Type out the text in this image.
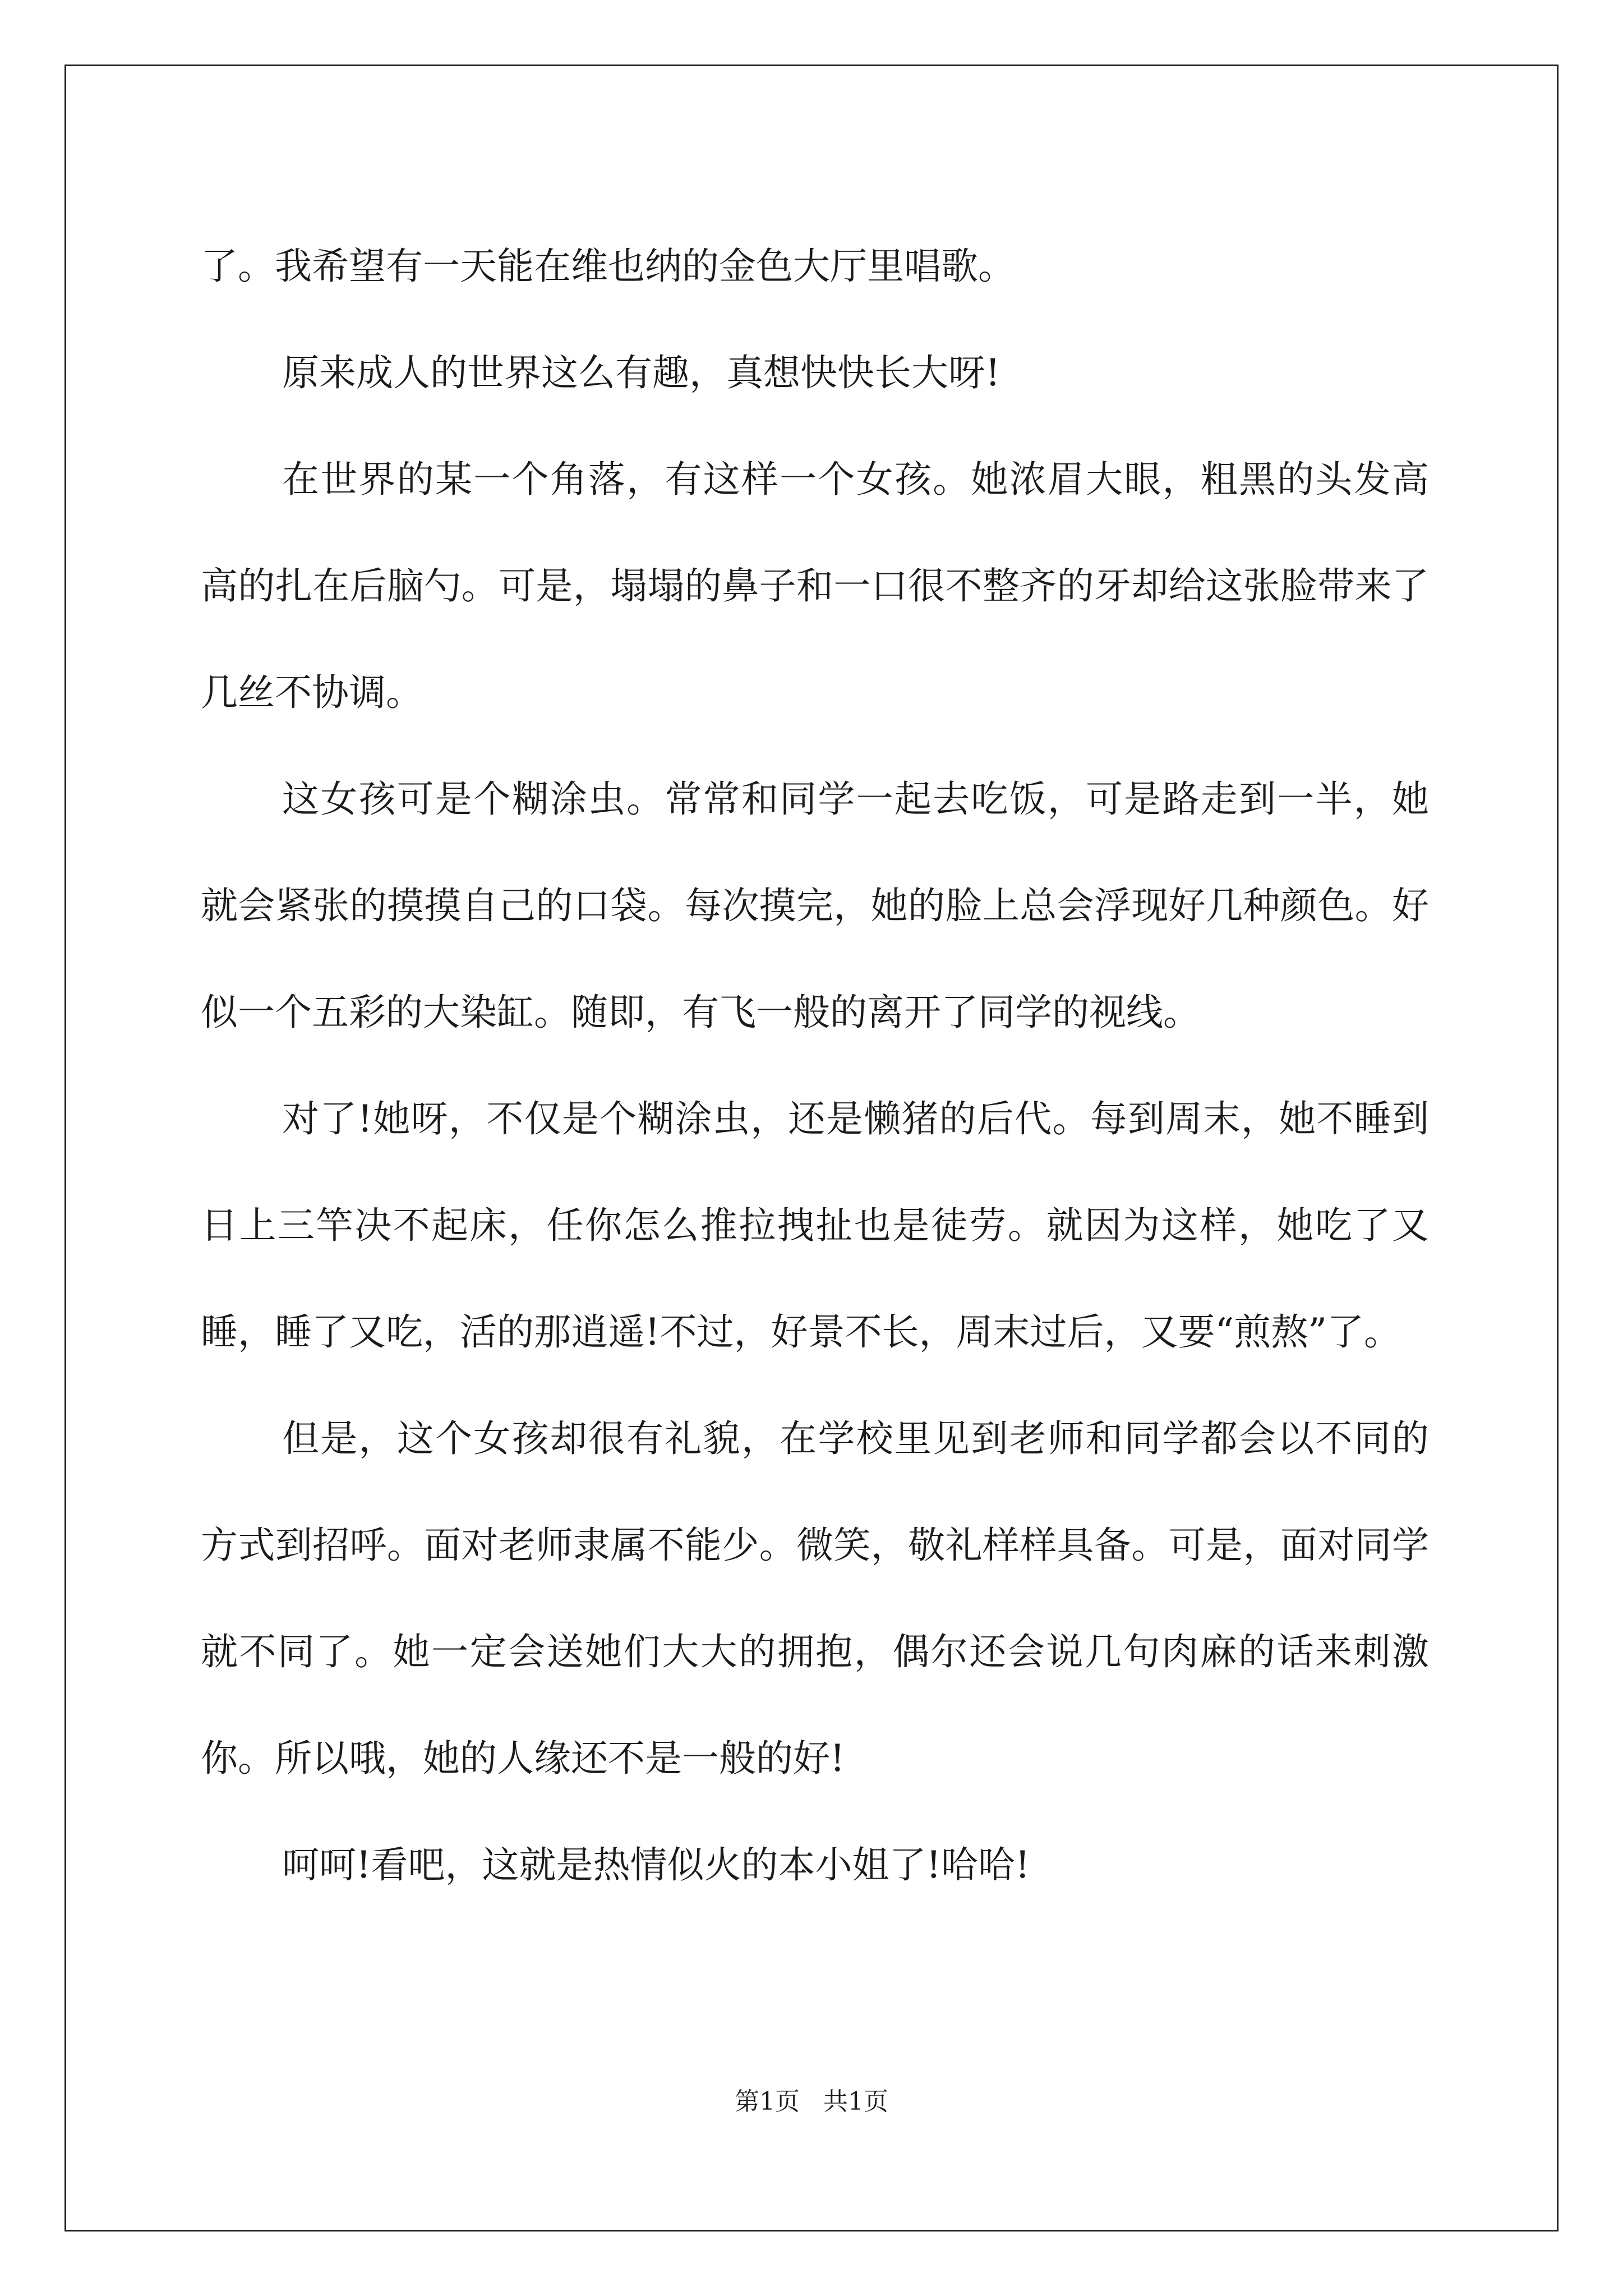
了。我希望有一天能在维也纳的金色大厅里唱歌。

原来成人的世界这么有趣，真想快快长大呀!

在世界的某一个角落，有这样一个女孩。她浓眉大眼，粗黑的头发高高的扎在后脑勺。可是，塌塌的鼻子和一口很不整齐的牙却给这张脸带来了几丝不协调。

这女孩可是个糊涂虫。常常和同学一起去吃饭，可是路走到一半，她就会紧张的摸摸自己的口袋。每次摸完，她的脸上总会浮现好几种颜色。好似一个五彩的大染缸。随即，有飞一般的离开了同学的视线。

对了!她呀，不仅是个糊涂虫，还是懒猪的后代。每到周末，她不睡到日上三竿决不起床，任你怎么推拉拽扯也是徒劳。就因为这样，她吃了又睡，睡了又吃，活的那逍遥!不过，好景不长，周末过后，又要“煎熬”了。

但是，这个女孩却很有礼貌，在学校里见到老师和同学都会以不同的方式到招呼。面对老师隶属不能少。微笑，敬礼样样具备。可是，面对同学就不同了。她一定会送她们大大的拥抱，偶尔还会说几句肉麻的话来刺激你。所以哦，她的人缘还不是一般的好!

呵呵!看吧，这就是热情似火的本小姐了!哈哈!

第1页   共1页
